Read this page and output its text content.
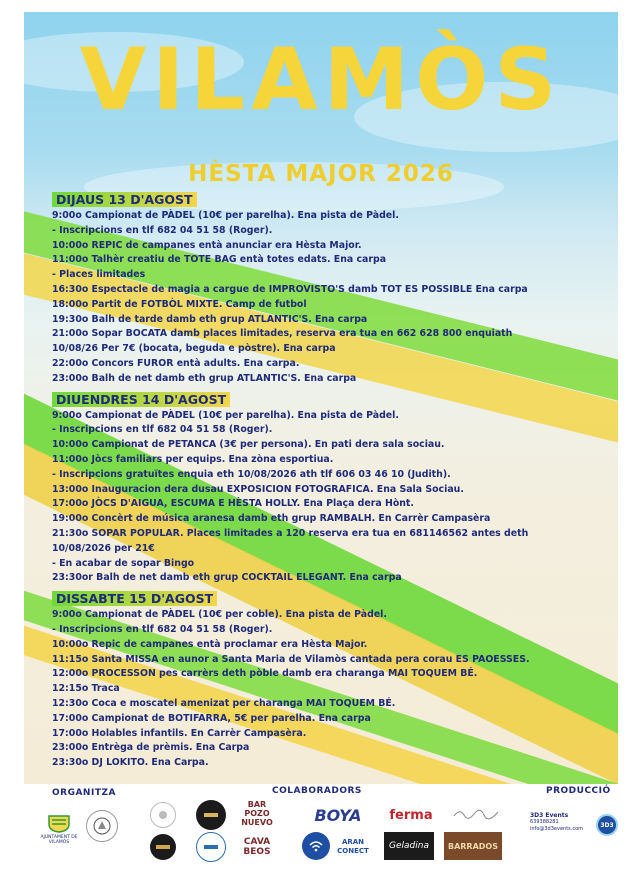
VILAMÒS
HÈSTA MAJOR 2026
DIJAUS 13 D'AGOST
9:00o Campionat de PÀDEL (10€ per parelha). Ena pista de Pàdel.
- Inscripcions en tlf 682 04 51 58 (Roger).
10:00o REPIC de campanes entà anunciar era Hèsta Major.
11:00o Talhèr creatiu de TOTE BAG entà totes edats. Ena carpa
- Places limitades
16:30o Espectacle de magia a cargue de IMPROVISTO'S damb TOT ES POSSIBLE Ena carpa
18:00o Partit de FOTBÒL MIXTE. Camp de futbol
19:30o Balh de tarde damb eth grup ATLANTIC'S. Ena carpa
21:00o Sopar BOCATA damb places limitades, reserva era tua en 662 628 800 enquiath
10/08/26 Per 7€ (bocata, beguda e pòstre). Ena carpa
22:00o Concors FUROR entà adults. Ena carpa.
23:00o Balh de net damb eth grup ATLANTIC'S. Ena carpa
DIUENDRES 14 D'AGOST
9:00o Campionat de PÀDEL (10€ per parelha). Ena pista de Pàdel.
- Inscripcions en tlf 682 04 51 58 (Roger).
10:00o Campionat de PETANCA (3€ per persona). En pati dera sala sociau.
11:00o Jòcs familiars per equips. Ena zòna esportiua.
- Inscripcions gratuïtes enquia eth 10/08/2026 ath tlf 606 03 46 10 (Judith).
13:00o Inauguracion dera dusau EXPOSICION FOTOGRAFICA. Ena Sala Sociau.
17:00o JÒCS D'AIGUA, ESCUMA E HÈSTA HOLLY. Ena Plaça dera Hònt.
19:00o Concèrt de música aranesa damb eth grup RAMBALH. En Carrèr Campasèra
21:30o SOPAR POPULAR. Places limitades a 120 reserva era tua en 681146562 antes deth
10/08/2026 per 21€
- En acabar de sopar Bingo
23:30or Balh de net damb eth grup COCKTAIL ELEGANT. Ena carpa
DISSABTE 15 D'AGOST
9:00o Campionat de PÀDEL (10€ per coble). Ena pista de Pàdel.
- Inscripcions en tlf 682 04 51 58 (Roger).
10:00o Repic de campanes entà proclamar era Hèsta Major.
11:15o Santa MISSA en aunor a Santa Maria de Vilamòs cantada pera corau ES PAOESSES.
12:00o PROCESSON pes carrèrs deth pòble damb era charanga MAI TOQUEM BÉ.
12:15o Traca
12:30o Coca e moscatel amenizat per charanga MAI TOQUEM BÉ.
17:00o Campionat de BOTIFARRA, 5€ per parelha. Ena carpa
17:00o Holables infantils. En Carrèr Campasèra.
23:00o Entrèga de prèmis. Ena Carpa
23:30o DJ LOKITO. Ena Carpa.
ORGANITZA	COLABORADORS	PRODUCCIÓ
AJUNTAMENT DE VILAMÒS
BAR POZO NUEVO	BOYA ferma
CAVA BEOS
ARAN CONECT	Geladina BARRADOS
3D3 Events
639388281
info@3d3events.com
3D3
